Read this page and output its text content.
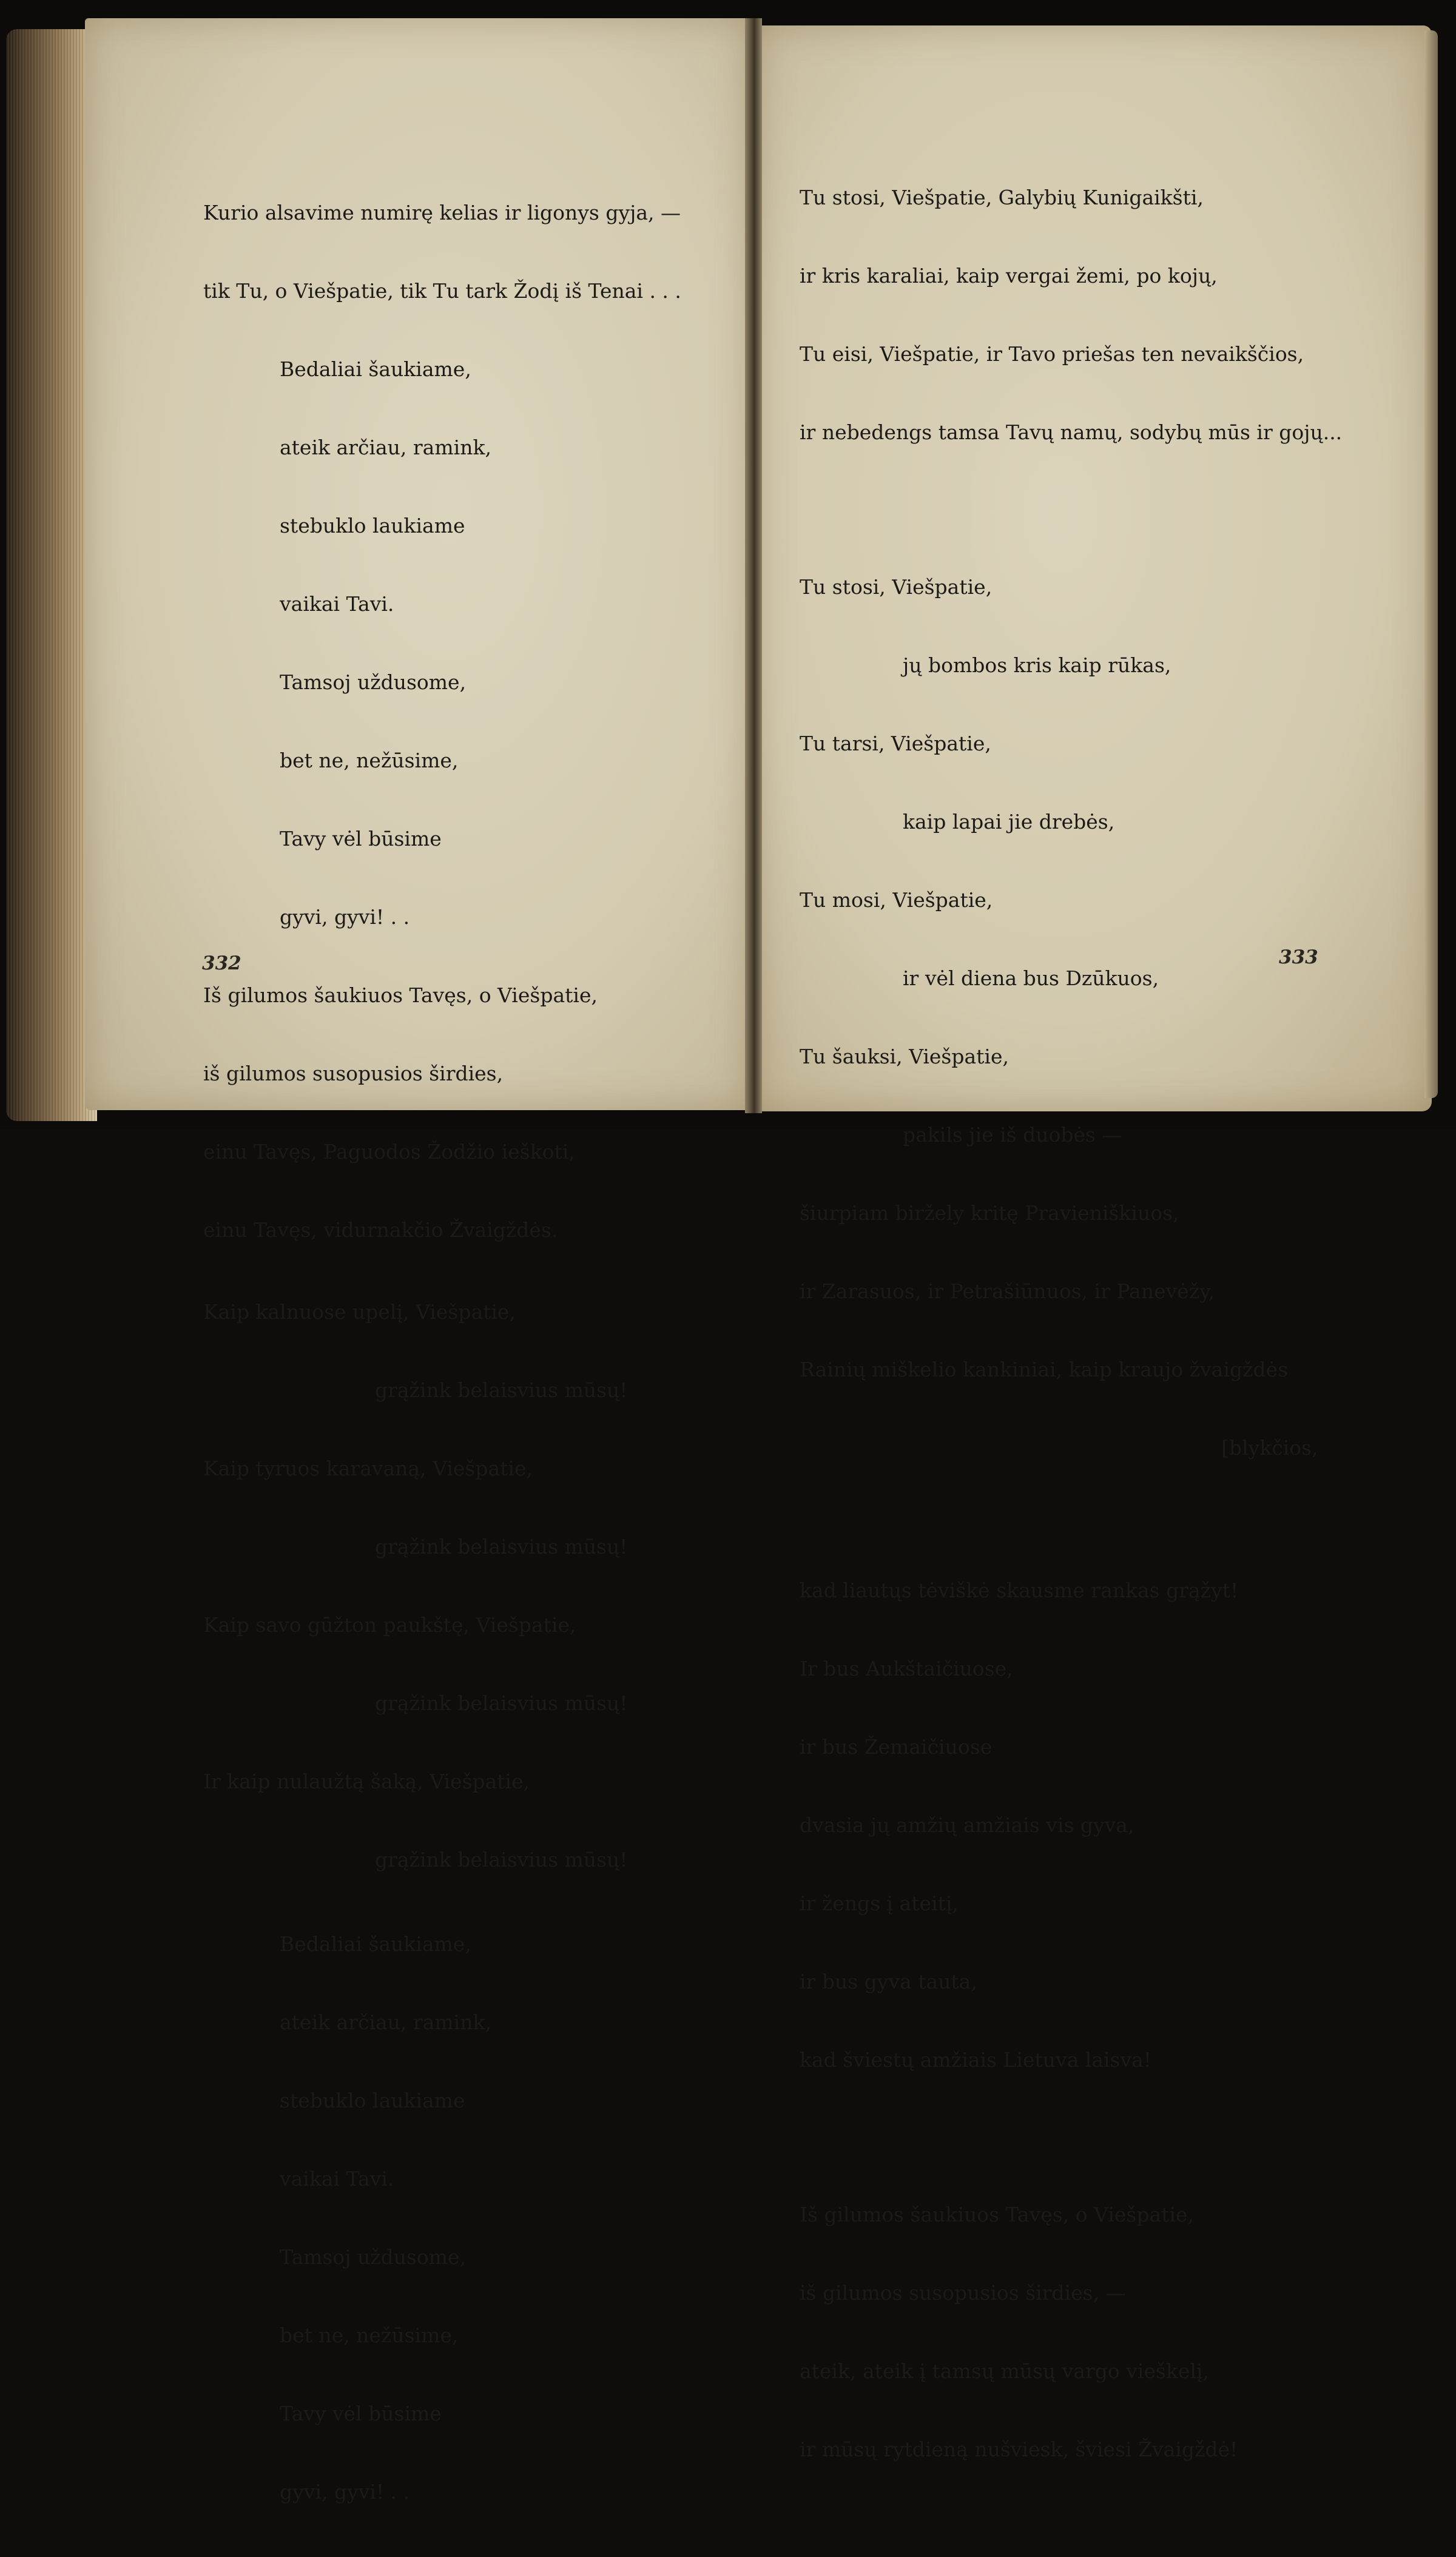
Kurio alsavime numirę kelias ir ligonys gyja, —

tik Tu, o Viešpatie, tik Tu tark Žodį iš Tenai . . .

Bedaliai šaukiame,

ateik arčiau, ramink,

stebuklo laukiame

vaikai Tavi.

Tamsoj uždusome,

bet ne, nežūsime,

Tavy vėl būsime

gyvi, gyvi! . .

Iš gilumos šaukiuos Tavęs, o Viešpatie,

iš gilumos susopusios širdies,

einu Tavęs, Paguodos Žodžio ieškoti,

einu Tavęs, vidurnakčio Žvaigždės.

Kaip kalnuose upelį, Viešpatie,

grąžink belaisvius mūsų!

Kaip tyruos karavaną, Viešpatie,

grąžink belaisvius mūsų!

Kaip savo gūžton paukštę, Viešpatie,

grąžink belaisvius mūsų!

Ir kaip nulaužtą šaką, Viešpatie,

grąžink belaisvius mūsų!

Bedaliai šaukiame,

ateik arčiau, ramink,

stebuklo laukiame

vaikai Tavi.

Tamsoj uždusome,

bet ne, nežūsime,

Tavy vėl būsime

gyvi, gyvi! . .

332

Tu stosi, Viešpatie, Galybių Kunigaikšti,

ir kris karaliai, kaip vergai žemi, po kojų,

Tu eisi, Viešpatie, ir Tavo priešas ten nevaikščios,

ir nebedengs tamsa Tavų namų, sodybų mūs ir gojų...

Tu stosi, Viešpatie,

jų bombos kris kaip rūkas,

Tu tarsi, Viešpatie,

kaip lapai jie drebės,

Tu mosi, Viešpatie,

ir vėl diena bus Dzūkuos,

Tu šauksi, Viešpatie,

pakils jie iš duobės —

šiurpiam biržely kritę Pravieniškiuos,

ir Zarasuos, ir Petrašiūnuos, ir Panevėžy,

Rainių miškelio kankiniai, kaip kraujo žvaigždės

[blykčios,

kad liautųs tėviškė skausme rankas grąžyt!

Ir bus Aukštaičiuose,

ir bus Žemaičiuose

dvasia jų amžių amžiais vis gyva,

ir žengs į ateitį,

ir bus gyva tauta,

kad šviestų amžiais Lietuva laisva!

Iš gilumos šaukiuos Tavęs, o Viešpatie,

iš gilumos susopusios širdies, —

ateik, ateik į tamsų mūsų vargo vieškelį,

ir mūsų rytdieną nušviesk, šviesi Žvaigždė!

333
